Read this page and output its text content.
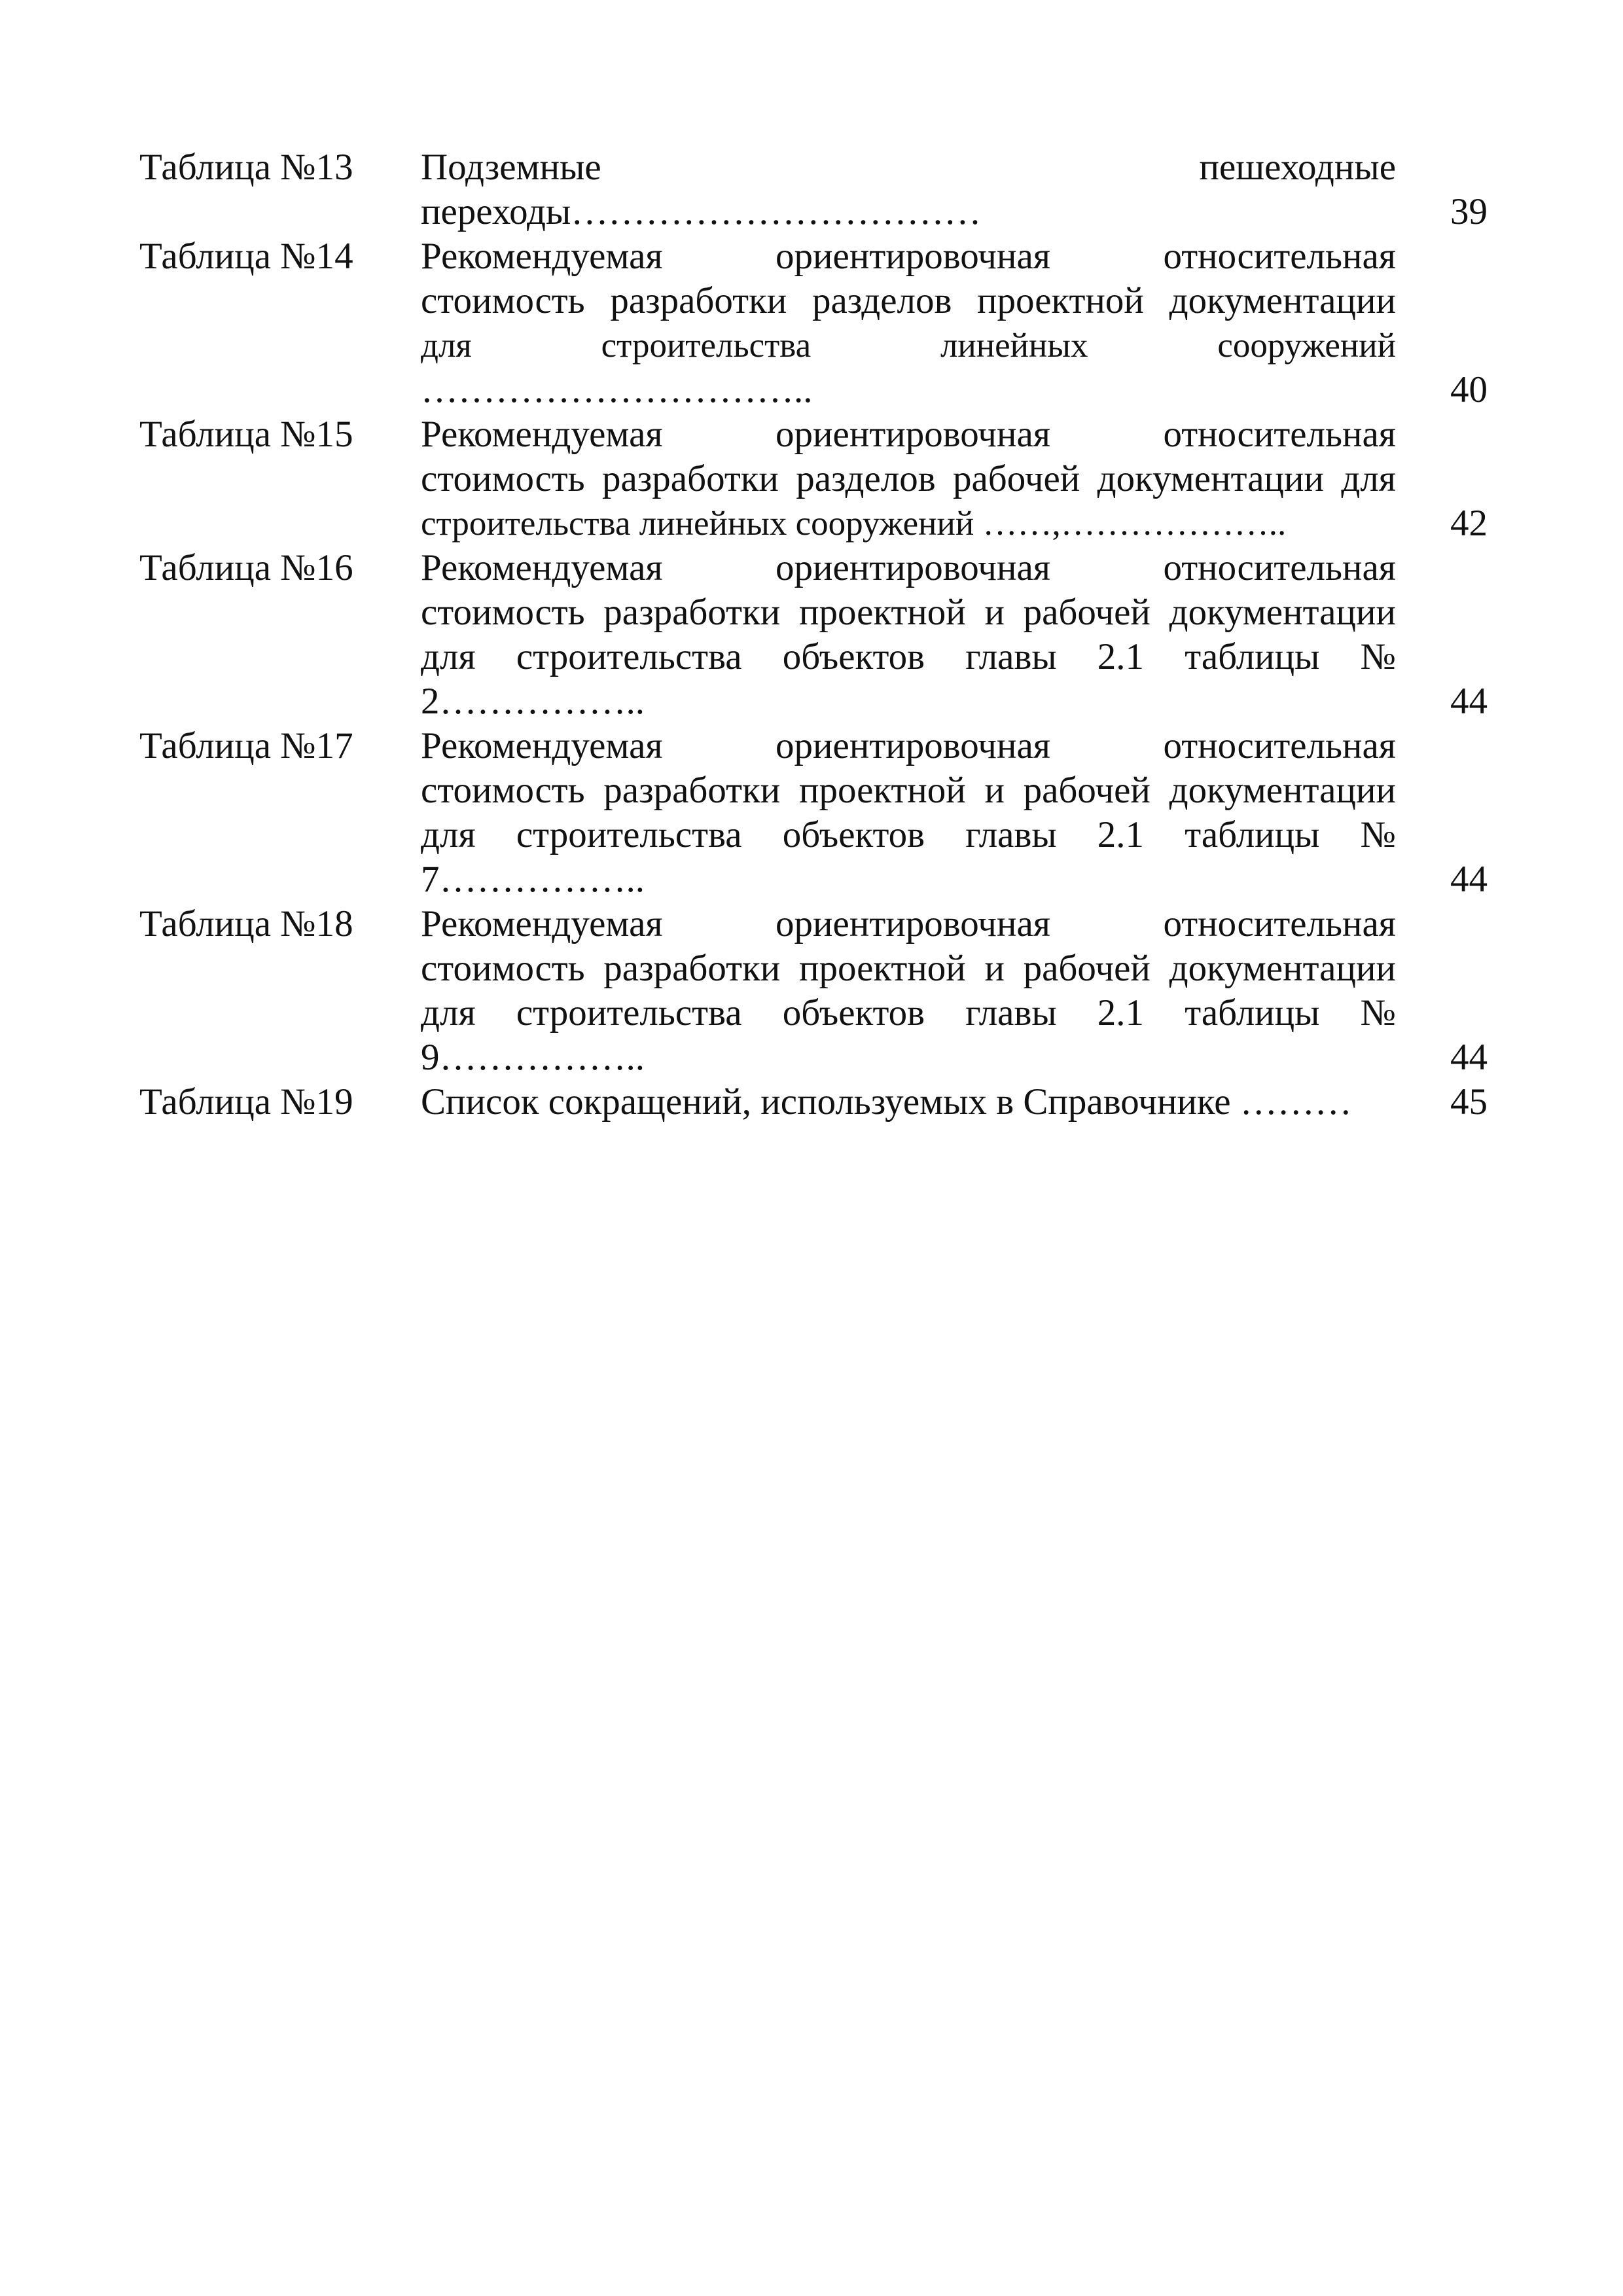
Таблица №13	Подземные пешеходные
переходы……………………………	39
Таблица №14	Рекомендуемая ориентировочная относительная
стоимость разработки разделов проектной документации
для строительства линейных сооружений
…………………………..	40
Таблица №15	Рекомендуемая ориентировочная относительная
стоимость разработки разделов рабочей документации для
строительства линейных сооружений ……,………………..	42
Таблица №16	Рекомендуемая ориентировочная относительная
стоимость разработки проектной и рабочей документации
для строительства объектов главы 2.1 таблицы №
2……………..	44
Таблица №17	Рекомендуемая ориентировочная относительная
стоимость разработки проектной и рабочей документации
для строительства объектов главы 2.1 таблицы №
7……………..	44
Таблица №18	Рекомендуемая ориентировочная относительная
стоимость разработки проектной и рабочей документации
для строительства объектов главы 2.1 таблицы №
9……………..	44
Таблица №19	Список сокращений, используемых в Справочнике ………	45
